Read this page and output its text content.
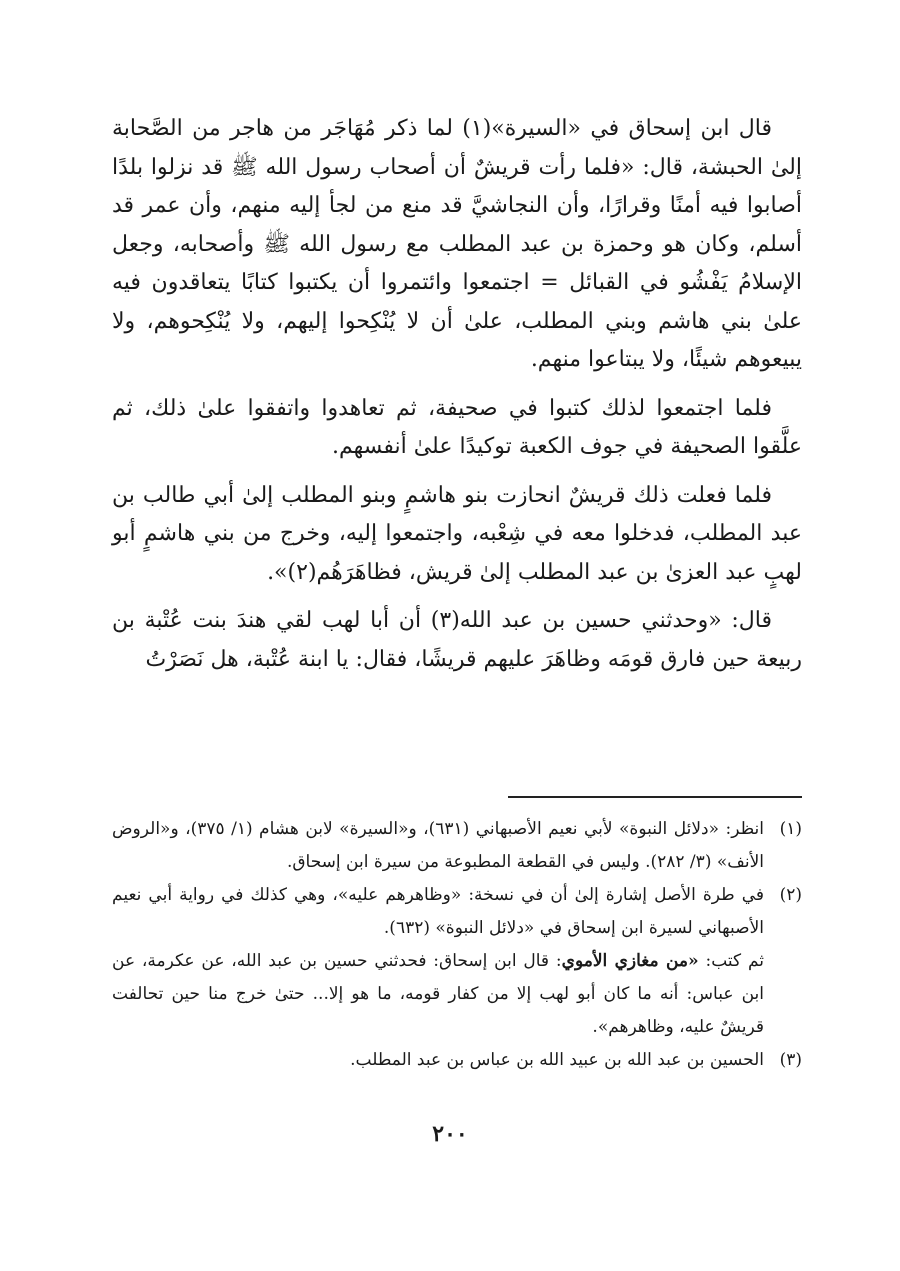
قال ابن إسحاق في «السيرة»(١) لما ذكر مُهَاجَر من هاجر من الصَّحابة إلىٰ الحبشة، قال: «فلما رأت قريشٌ أن أصحاب رسول الله ﷺ قد نزلوا بلدًا أصابوا فيه أمنًا وقرارًا، وأن النجاشيَّ قد منع من لجأ إليه منهم، وأن عمر قد أسلم، وكان هو وحمزة بن عبد المطلب مع رسول الله ﷺ وأصحابه، وجعل الإسلامُ يَفْشُو في القبائل = اجتمعوا وائتمروا أن يكتبوا كتابًا يتعاقدون فيه علىٰ بني هاشم وبني المطلب، علىٰ أن لا يُنْكِحوا إليهم، ولا يُنْكِحوهم، ولا يبيعوهم شيئًا، ولا يبتاعوا منهم.

فلما اجتمعوا لذلك كتبوا في صحيفة، ثم تعاهدوا واتفقوا علىٰ ذلك، ثم علَّقوا الصحيفة في جوف الكعبة توكيدًا علىٰ أنفسهم.

فلما فعلت ذلك قريشٌ انحازت بنو هاشمٍ وبنو المطلب إلىٰ أبي طالب بن عبد المطلب، فدخلوا معه في شِعْبه، واجتمعوا إليه، وخرج من بني هاشمٍ أبو لهبٍ عبد العزىٰ بن عبد المطلب إلىٰ قريش، فظاهَرَهُم(٢)».

قال: «وحدثني حسين بن عبد الله(٣) أن أبا لهب لقي هندَ بنت عُتْبة بن ربيعة حين فارق قومَه وظاهَرَ عليهم قريشًا، فقال: يا ابنة عُتْبة، هل نَصَرْتُ

(١)
انظر: «دلائل النبوة» لأبي نعيم الأصبهاني (٦٣١)، و«السيرة» لابن هشام (١/ ٣٧٥)، و«الروض الأنف» (٣/ ٢٨٢). وليس في القطعة المطبوعة من سيرة ابن إسحاق.
(٢)
في طرة الأصل إشارة إلىٰ أن في نسخة: «وظاهرهم عليه»، وهي كذلك في رواية أبي نعيم الأصبهاني لسيرة ابن إسحاق في «دلائل النبوة» (٦٣٢).

ثم كتب: «من مغازي الأموي: قال ابن إسحاق: فحدثني حسين بن عبد الله، عن عكرمة، عن ابن عباس: أنه ما كان أبو لهب إلا من كفار قومه، ما هو إلا... حتىٰ خرج منا حين تحالفت قريشٌ عليه، وظاهرهم».

(٣)
الحسين بن عبد الله بن عبيد الله بن عباس بن عبد المطلب.
٢٠٠
